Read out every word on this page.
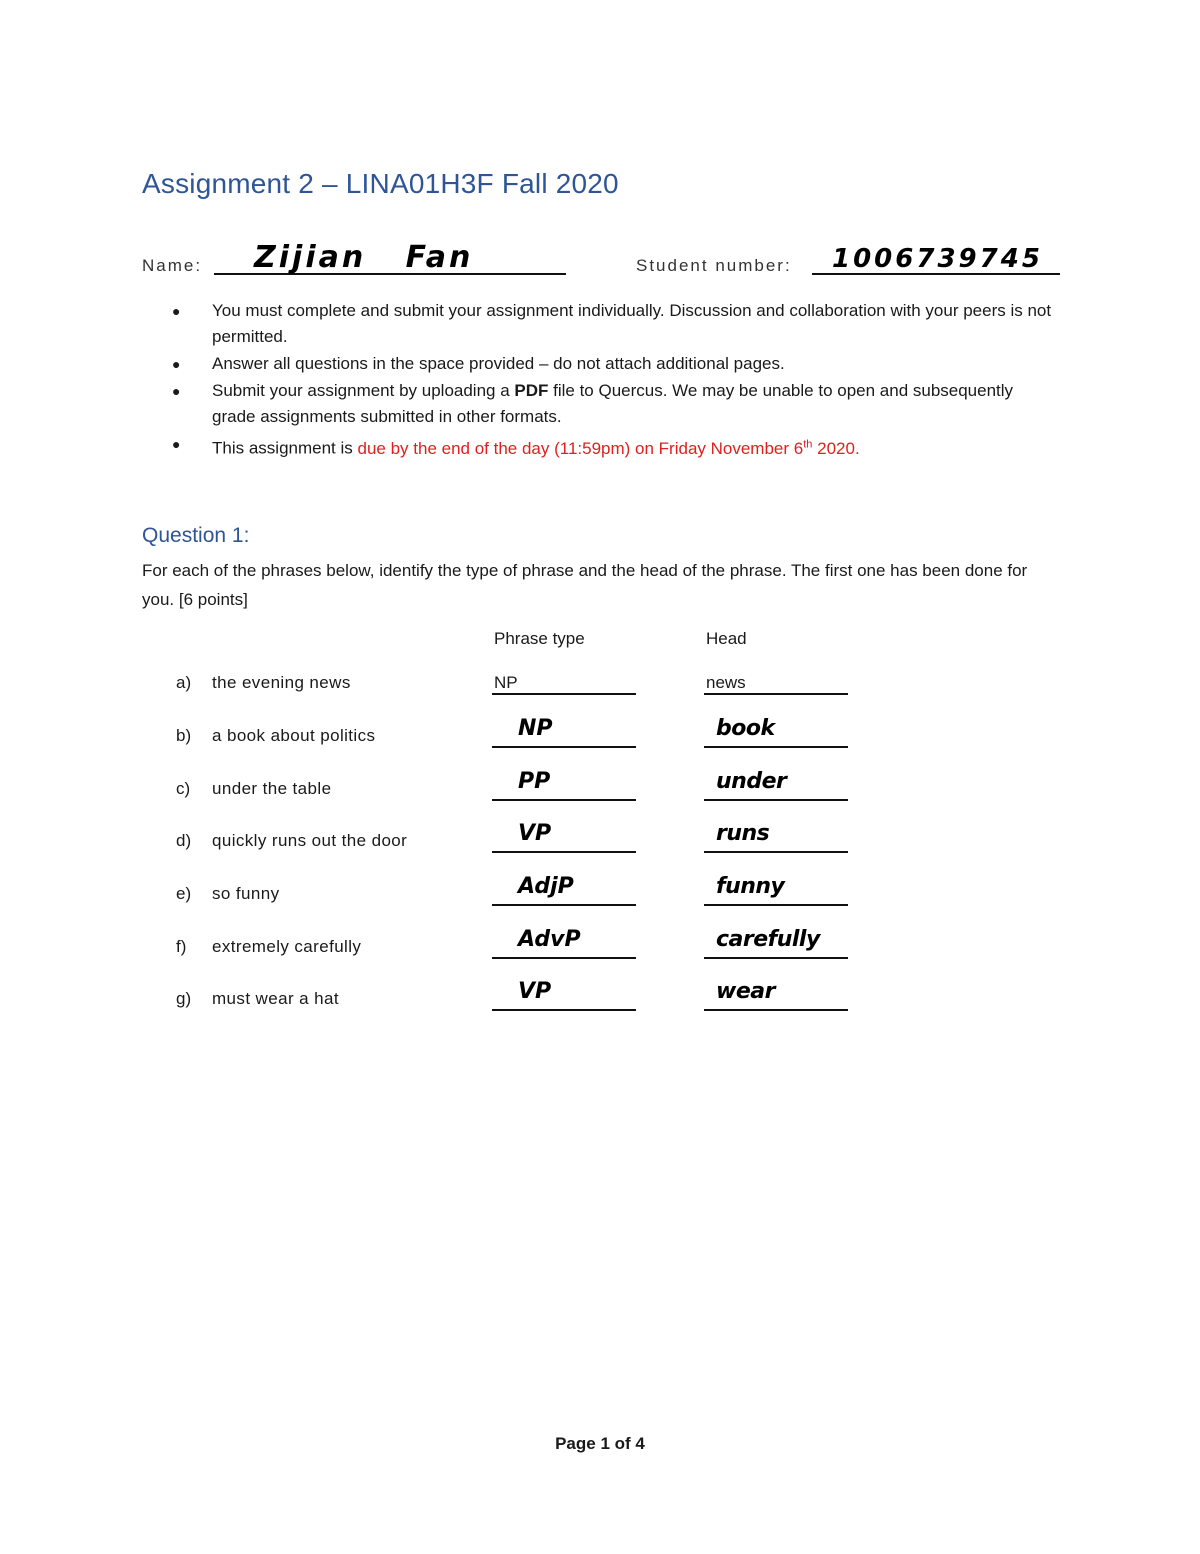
Assignment 2 – LINA01H3F Fall 2020
Name: Zijian Fan	Student number: 1006739745
● You must complete and submit your assignment individually. Discussion and collaboration with your peers is not permitted.
● Answer all questions in the space provided – do not attach additional pages.
● Submit your assignment by uploading a PDF file to Quercus. We may be unable to open and subsequently grade assignments submitted in other formats.
● This assignment is due by the end of the day (11:59pm) on Friday November 6th 2020.
Question 1:
For each of the phrases below, identify the type of phrase and the head of the phrase. The first one has been done for you. [6 points]
Phrase type	Head
a) the evening news	NP	news
b) a book about politics	NP	book
c) under the table	PP	under
d) quickly runs out the door	VP	runs
e) so funny	AdjP	funny
f) extremely carefully	AdvP	carefully
g) must wear a hat	VP	wear
Page 1 of 4
